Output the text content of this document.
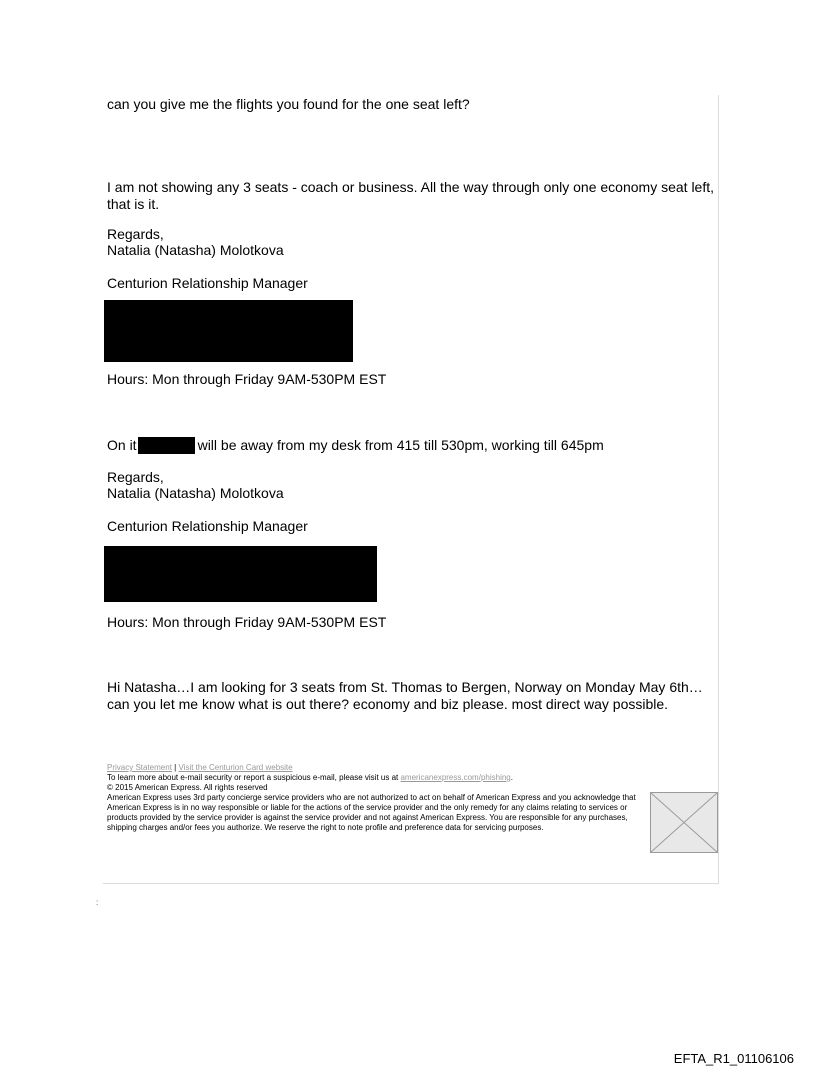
can you give me the flights you found for the one seat left?
I am not showing any 3 seats - coach or business. All the way through only one economy seat left, that is it.
Regards,
Natalia (Natasha) Molotkova
Centurion Relationship Manager
Hours: Mon through Friday 9AM-530PM EST
On it	will be away from my desk from 415 till 530pm, working till 645pm
Regards,
Natalia (Natasha) Molotkova
Centurion Relationship Manager
Hours: Mon through Friday 9AM-530PM EST
Hi Natasha…I am looking for 3 seats from St. Thomas to Bergen, Norway on Monday May 6th…can you let me know what is out there? economy and biz please. most direct way possible.

Privacy Statement | Visit the Centurion Card website

To learn more about e-mail security or report a suspicious e-mail, please visit us at americanexpress.com/phishing.

© 2015 American Express. All rights reserved

American Express uses 3rd party concierge service providers who are not authorized to act on behalf of American Express and you acknowledge that American Express is in no way responsible or liable for the actions of the service provider and the only remedy for any claims relating to services or products provided by the service provider is against the service provider and not against American Express. You are responsible for any purchases, shipping charges and/or fees you authorize. We reserve the right to note profile and preference data for servicing purposes.

:
EFTA_R1_01106106
